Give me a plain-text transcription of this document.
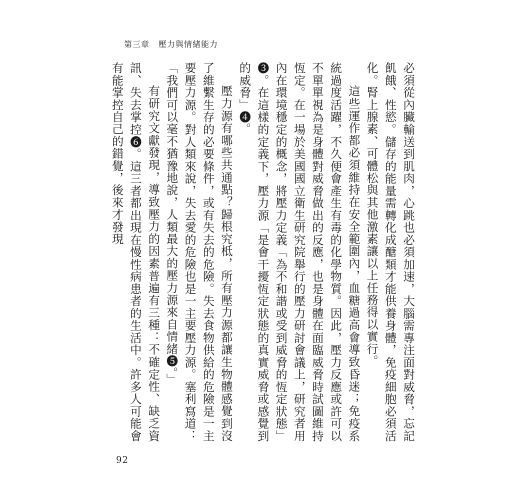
第三章 壓力與情緒能力

必須從內臟輸送到肌肉，心跳也必須加速，大腦需專注面對威脅，忘記飢餓、性慾。儲存的能量需轉化成醣類才能供養身體，免疫細胞必須活化。腎上腺素、可體松與其他激素讓以上任務得以實行。

這些運作都必須維持在安全範圍內，血糖過高會導致昏迷；免疫系統過度活躍，不久便會產生有毒的化學物質。因此，壓力反應或許可以不單單視為是身體對威脅做出的反應，也是身體在面臨威脅時試圖維持恆定。在一場於美國國立衛生研究院舉行的壓力研討會議上，研究者用內在環境穩定的概念，將壓力定義「為不和諧或受到威脅的恆定狀態」❸。在這樣的定義下，壓力源「是會干擾恆定狀態的真實威脅或感覺到的威脅」❹。

壓力源有哪些共通點？歸根究柢，所有壓力源都讓生物體感覺到沒了維繫生存的必要條件，或有失去的危險。失去食物供給的危險是一主要壓力源。對人類來說，失去愛的危險也是一主要壓力源。塞利寫道：「我們可以毫不猶豫地說，人類最大的壓力源來自情緒❺。」

有研究文獻發現，導致壓力的因素普遍有三種：不確定性、缺乏資訊、失去掌控❻。這三者都出現在慢性病患者的生活中。許多人可能會有能掌控自己的錯覺，後來才發現

92
